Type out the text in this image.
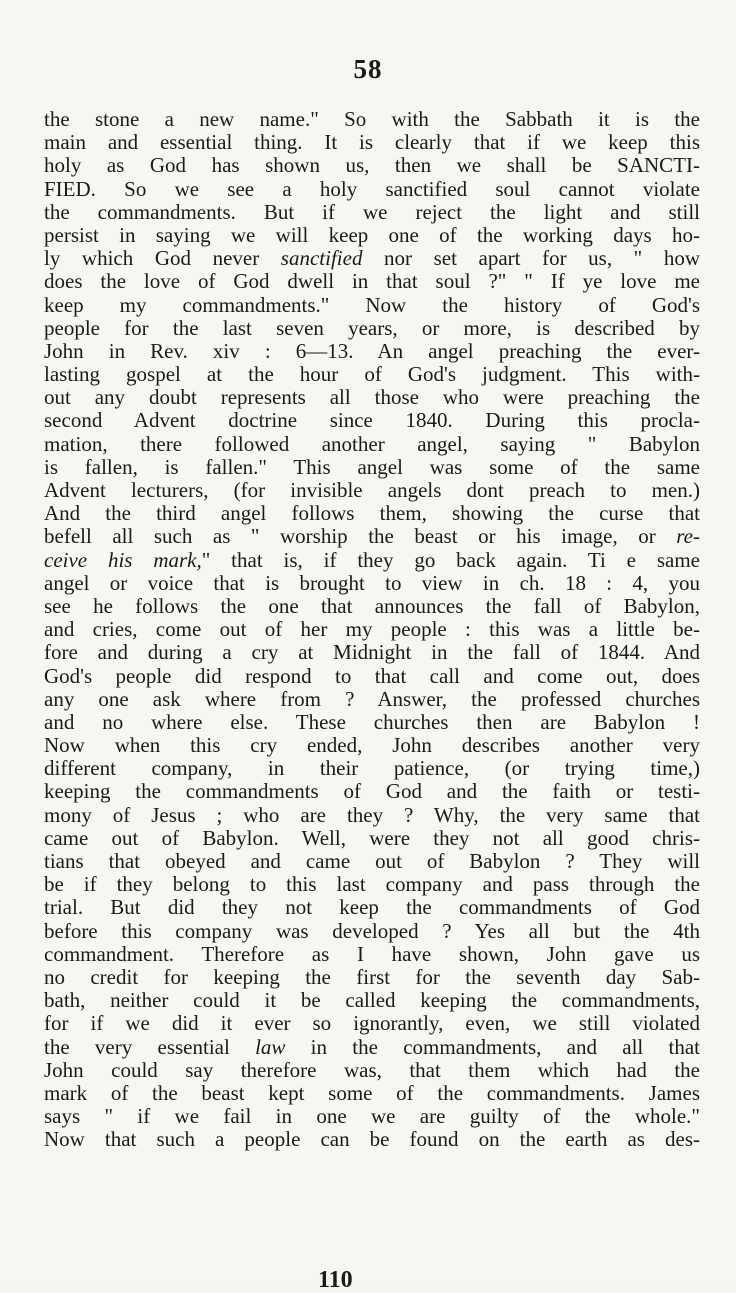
58
the stone a new name." So with the Sabbath it is the
main and essential thing. It is clearly that if we keep this
holy as God has shown us, then we shall be SANCTI-
FIED. So we see a holy sanctified soul cannot violate
the commandments. But if we reject the light and still
persist in saying we will keep one of the working days ho-
ly which God never sanctified nor set apart for us, " how
does the love of God dwell in that soul ?" " If ye love me
keep my commandments." Now the history of God's
people for the last seven years, or more, is described by
John in Rev. xiv : 6—13. An angel preaching the ever-
lasting gospel at the hour of God's judgment. This with-
out any doubt represents all those who were preaching the
second Advent doctrine since 1840. During this procla-
mation, there followed another angel, saying " Babylon
is fallen, is fallen." This angel was some of the same
Advent lecturers, (for invisible angels dont preach to men.)
And the third angel follows them, showing the curse that
befell all such as " worship the beast or his image, or re-
ceive his mark," that is, if they go back again. Ti e same
angel or voice that is brought to view in ch. 18 : 4, you
see he follows the one that announces the fall of Babylon,
and cries, come out of her my people : this was a little be-
fore and during a cry at Midnight in the fall of 1844. And
God's people did respond to that call and come out, does
any one ask where from ? Answer, the professed churches
and no where else. These churches then are Babylon !
Now when this cry ended, John describes another very
different company, in their patience, (or trying time,)
keeping the commandments of God and the faith or testi-
mony of Jesus ; who are they ? Why, the very same that
came out of Babylon. Well, were they not all good chris-
tians that obeyed and came out of Babylon ? They will
be if they belong to this last company and pass through the
trial. But did they not keep the commandments of God
before this company was developed ? Yes all but the 4th
commandment. Therefore as I have shown, John gave us
no credit for keeping the first for the seventh day Sab-
bath, neither could it be called keeping the commandments,
for if we did it ever so ignorantly, even, we still violated
the very essential law in the commandments, and all that
John could say therefore was, that them which had the
mark of the beast kept some of the commandments. James
says " if we fail in one we are guilty of the whole."
Now that such a people can be found on the earth as des-
110
